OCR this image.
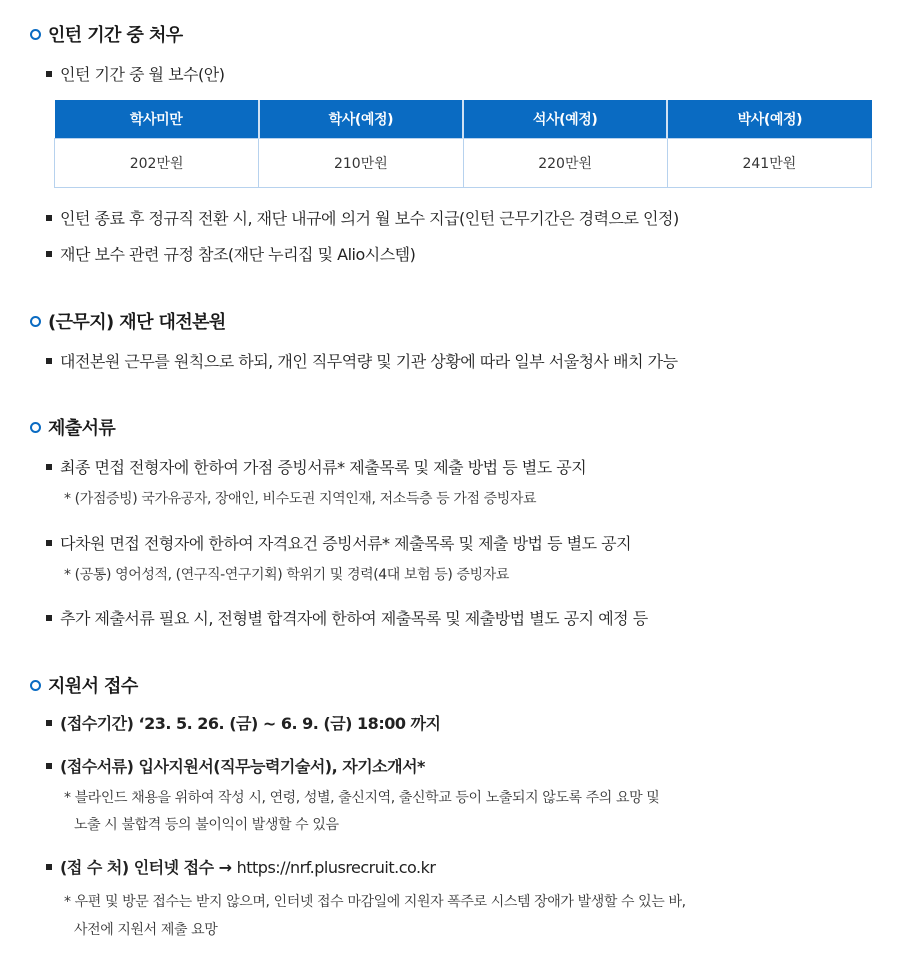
인턴 기간 중 처우
인턴 기간 중 월 보수(안)
학사미만	학사(예정)	석사(예정)	박사(예정)
202만원	210만원	220만원	241만원
인턴 종료 후 정규직 전환 시, 재단 내규에 의거 월 보수 지급(인턴 근무기간은 경력으로 인정)
재단 보수 관련 규정 참조(재단 누리집 및 Alio시스템)
(근무지) 재단 대전본원
대전본원 근무를 원칙으로 하되, 개인 직무역량 및 기관 상황에 따라 일부 서울청사 배치 가능
제출서류
최종 면접 전형자에 한하여 가점 증빙서류* 제출목록 및 제출 방법 등 별도 공지
* (가점증빙) 국가유공자, 장애인, 비수도권 지역인재, 저소득층 등 가점 증빙자료
다차원 면접 전형자에 한하여 자격요건 증빙서류* 제출목록 및 제출 방법 등 별도 공지
* (공통) 영어성적, (연구직-연구기획) 학위기 및 경력(4대 보험 등) 증빙자료
추가 제출서류 필요 시, 전형별 합격자에 한하여 제출목록 및 제출방법 별도 공지 예정 등
지원서 접수
(접수기간) ‘23. 5. 26. (금) ~ 6. 9. (금) 18:00 까지
(접수서류) 입사지원서(직무능력기술서), 자기소개서*
* 블라인드 채용을 위하여 작성 시, 연령, 성별, 출신지역, 출신학교 등이 노출되지 않도록 주의 요망 및
노출 시 불합격 등의 불이익이 발생할 수 있음
(접 수 처) 인터넷 접수 → https://nrf.plusrecruit.co.kr
* 우편 및 방문 접수는 받지 않으며, 인터넷 접수 마감일에 지원자 폭주로 시스템 장애가 발생할 수 있는 바,
사전에 지원서 제출 요망
